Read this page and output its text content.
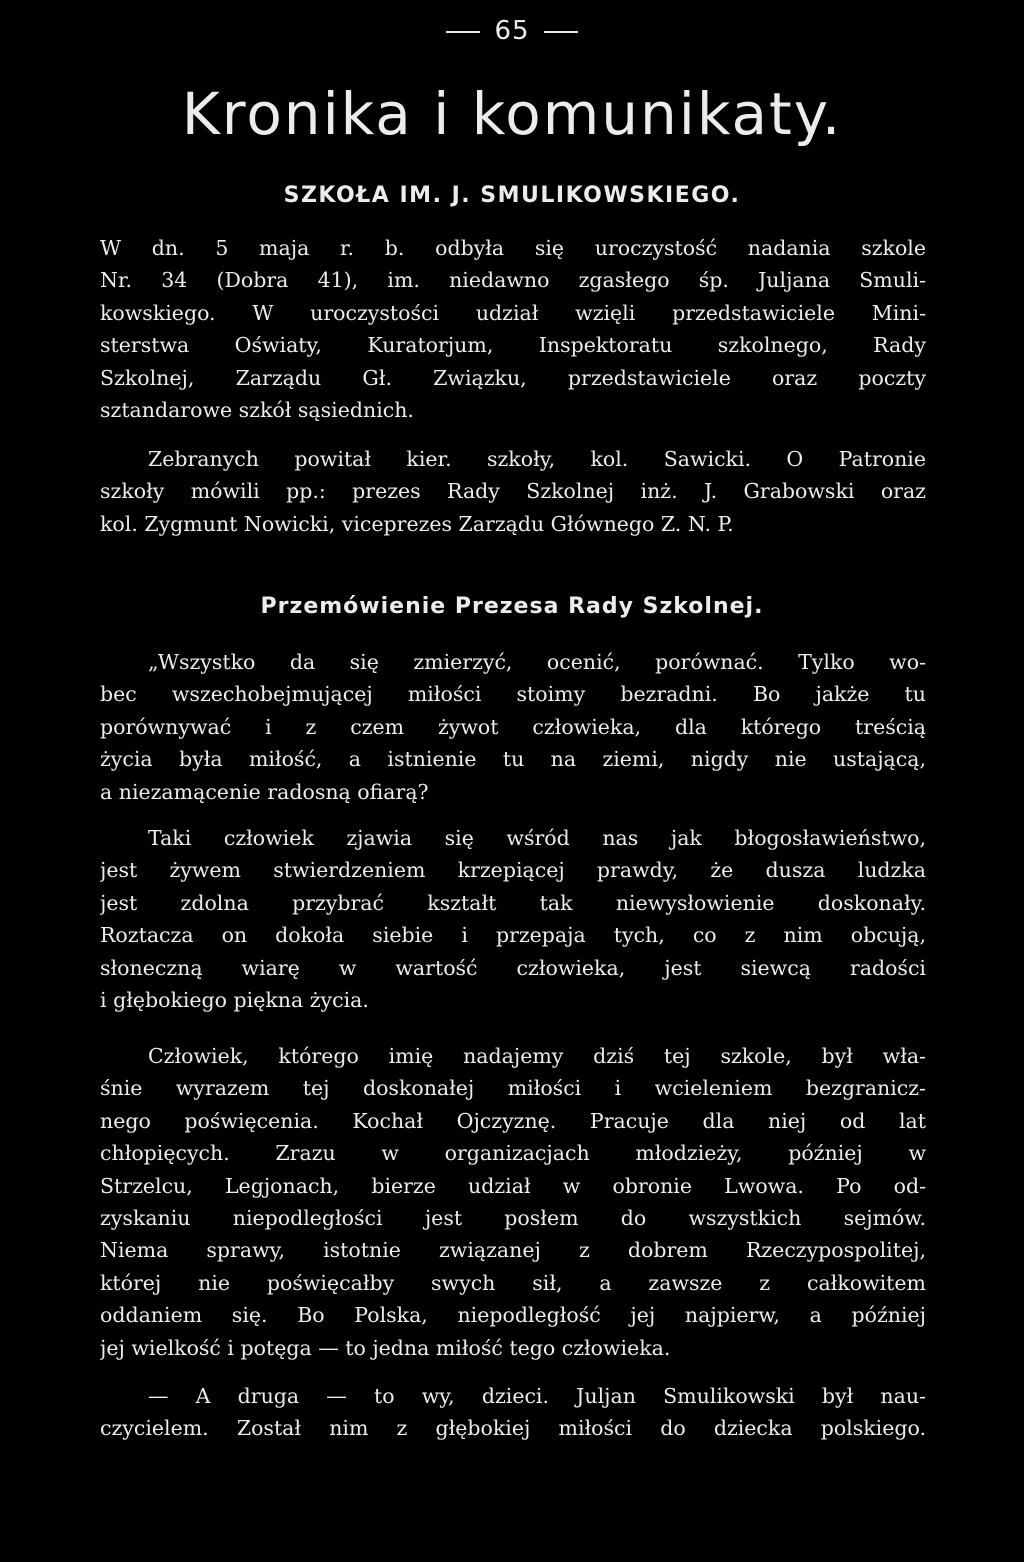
65
Kronika i komunikaty.
SZKOŁA IM. J. SMULIKOWSKIEGO.

W dn. 5 maja r. b. odbyła się uroczystość nadania szkole
Nr. 34 (Dobra 41), im. niedawno zgasłego śp. Juljana Smuli-
kowskiego. W uroczystości udział wzięli przedstawiciele Mini-
sterstwa Oświaty, Kuratorjum, Inspektoratu szkolnego, Rady
Szkolnej, Zarządu Gł. Związku, przedstawiciele oraz poczty
sztandarowe szkół sąsiednich.

Zebranych powitał kier. szkoły, kol. Sawicki. O Patronie
szkoły mówili pp.: prezes Rady Szkolnej inż. J. Grabowski oraz
kol. Zygmunt Nowicki, viceprezes Zarządu Głównego Z. N. P.

Przemówienie Prezesa Rady Szkolnej.

„Wszystko da się zmierzyć, ocenić, porównać. Tylko wo-
bec wszechobejmującej miłości stoimy bezradni. Bo jakże tu
porównywać i z czem żywot człowieka, dla którego treścią
życia była miłość, a istnienie tu na ziemi, nigdy nie ustającą,
a niezamącenie radosną ofiarą?

Taki człowiek zjawia się wśród nas jak błogosławieństwo,
jest żywem stwierdzeniem krzepiącej prawdy, że dusza ludzka
jest zdolna przybrać kształt tak niewysłowienie doskonały.
Roztacza on dokoła siebie i przepaja tych, co z nim obcują,
słoneczną wiarę w wartość człowieka, jest siewcą radości
i głębokiego piękna życia.

Człowiek, którego imię nadajemy dziś tej szkole, był wła-
śnie wyrazem tej doskonałej miłości i wcieleniem bezgranicz-
nego poświęcenia. Kochał Ojczyznę. Pracuje dla niej od lat
chłopięcych. Zrazu w organizacjach młodzieży, później w
Strzelcu, Legjonach, bierze udział w obronie Lwowa. Po od-
zyskaniu niepodległości jest posłem do wszystkich sejmów.
Niema sprawy, istotnie związanej z dobrem Rzeczypospolitej,
której nie poświęcałby swych sił, a zawsze z całkowitem
oddaniem się. Bo Polska, niepodległość jej najpierw, a później
jej wielkość i potęga — to jedna miłość tego człowieka.

— A druga — to wy, dzieci. Juljan Smulikowski był nau-
czycielem. Został nim z głębokiej miłości do dziecka polskiego.
